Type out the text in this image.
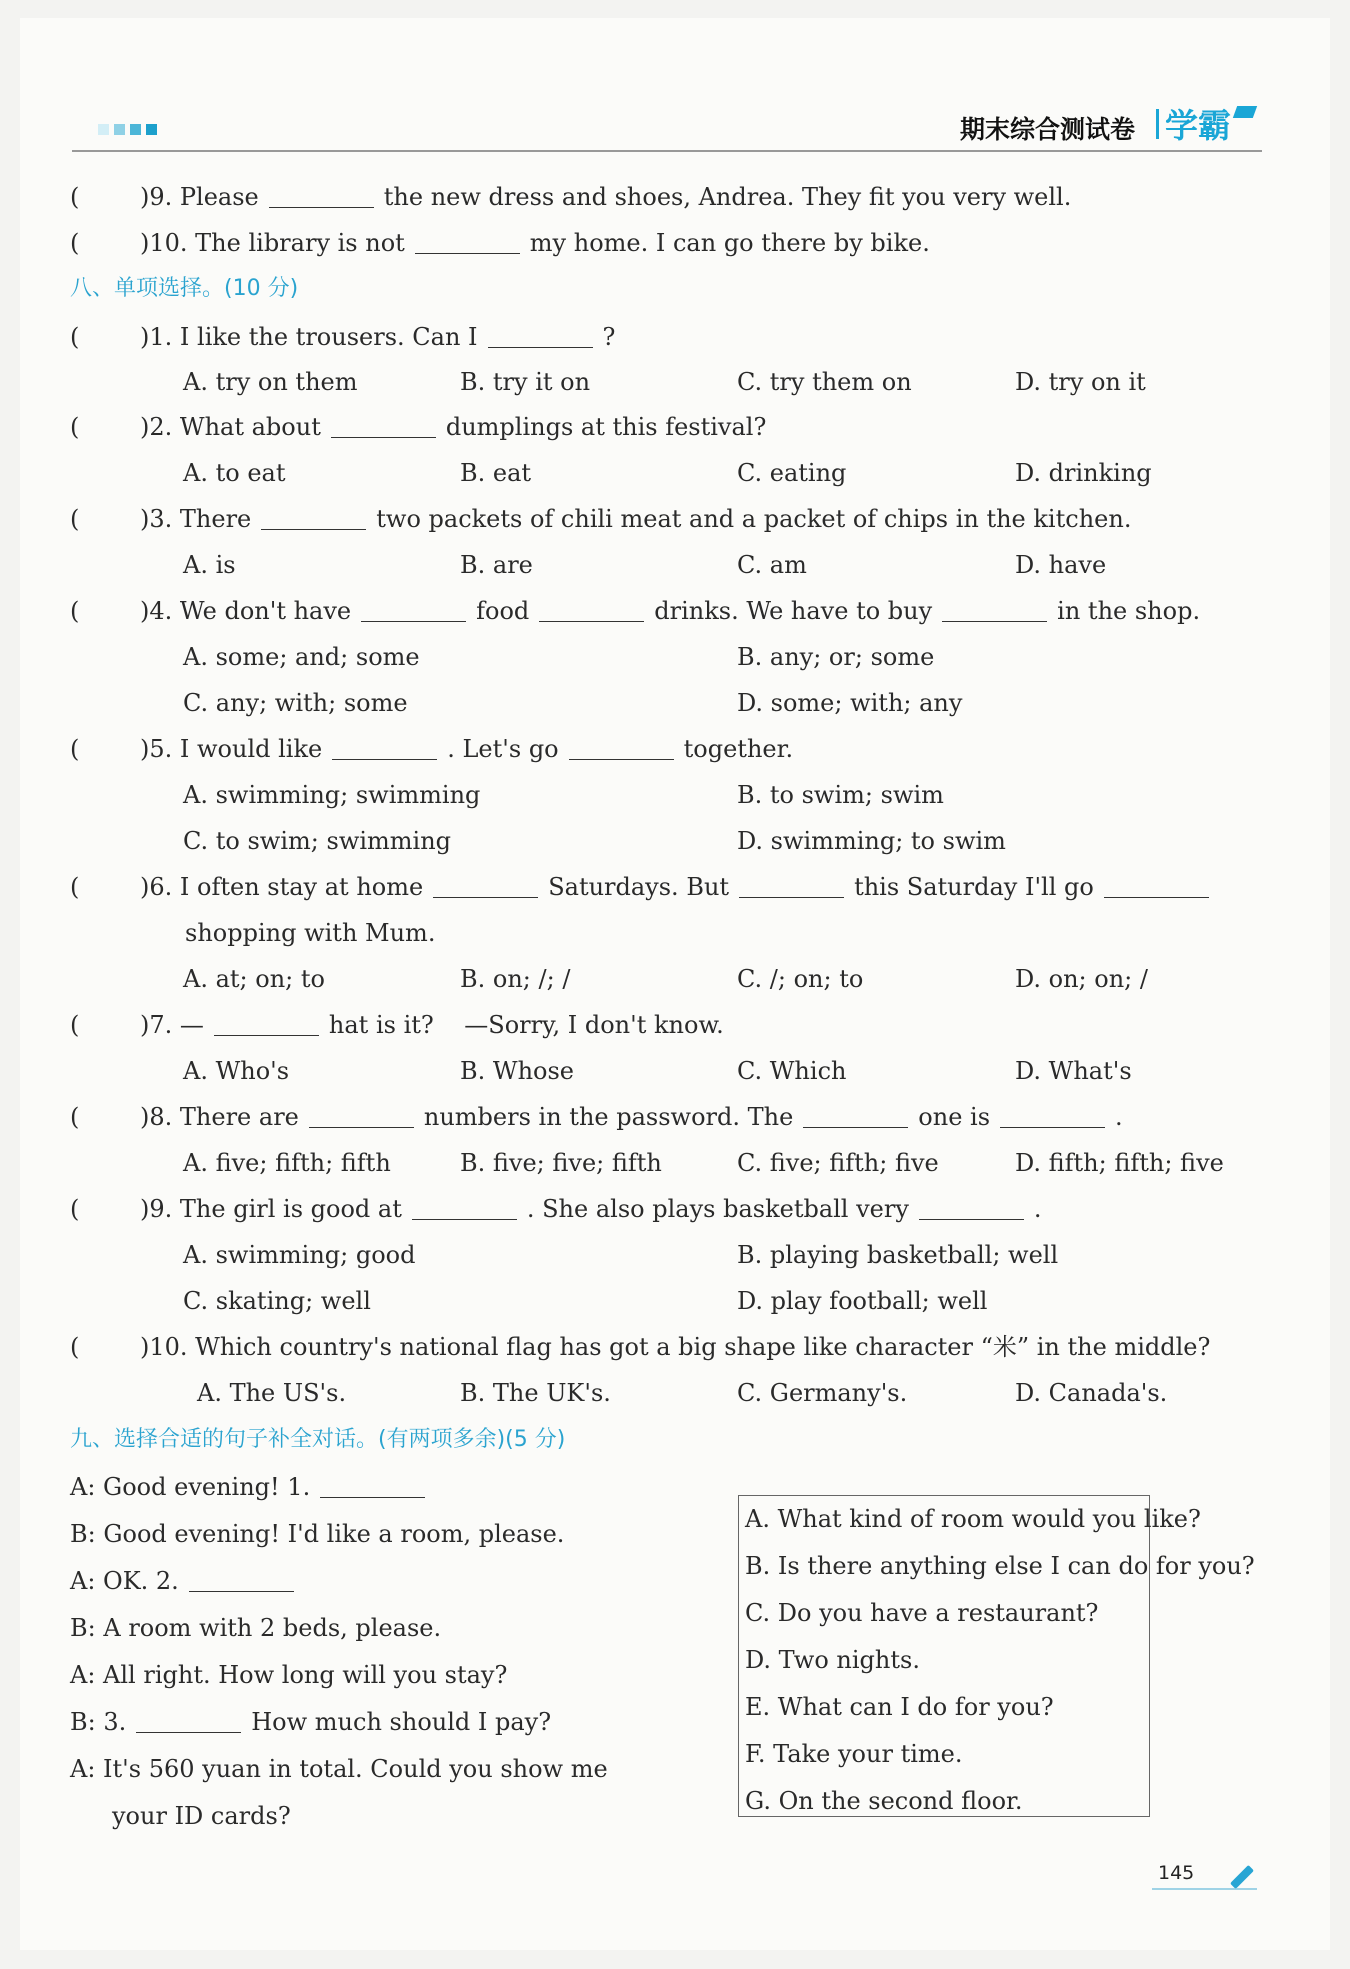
期末综合测试卷 学霸
(	)9. Please	the new dress and shoes, Andrea. They fit you very well.
(	)10. The library is not	my home. I can go there by bike.
八、单项选择。(10 分)
(	)1. I like the trousers. Can I	?
A. try on them	B. try it on	C. try them on	D. try on it
(	)2. What about	dumplings at this festival?
A. to eat	B. eat	C. eating	D. drinking
(	)3. There	two packets of chili meat and a packet of chips in the kitchen.
A. is	B. are	C. am	D. have
(	)4. We don't have	food	drinks. We have to buy	in the shop.
A. some; and; some	B. any; or; some
C. any; with; some	D. some; with; any
(	)5. I would like	. Let's go	together.
A. swimming; swimming	B. to swim; swim
C. to swim; swimming	D. swimming; to swim
(	)6. I often stay at home	Saturdays. But	this Saturday I'll go
shopping with Mum.
A. at; on; to	B. on; /; /	C. /; on; to	D. on; on; /
(	)7. —	hat is it? —Sorry, I don't know.
A. Who's	B. Whose	C. Which	D. What's
(	)8. There are	numbers in the password. The	one is	.
A. five; fifth; fifth	B. five; five; fifth	C. five; fifth; five	D. fifth; fifth; five
(	)9. The girl is good at	. She also plays basketball very	.
A. swimming; good	B. playing basketball; well
C. skating; well	D. play football; well
(	)10. Which country's national flag has got a big shape like character “米” in the middle?
A. The US's.	B. The UK's.	C. Germany's.	D. Canada's.
九、选择合适的句子补全对话。(有两项多余)(5 分)
A: Good evening! 1.
B: Good evening! I'd like a room, please.
A: OK. 2.
B: A room with 2 beds, please.
A: All right. How long will you stay?
B: 3.	How much should I pay?
A: It's 560 yuan in total. Could you show me
your ID cards?
A. What kind of room would you like?
B. Is there anything else I can do for you?
C. Do you have a restaurant?
D. Two nights.
E. What can I do for you?
F. Take your time.
G. On the second floor.
145
